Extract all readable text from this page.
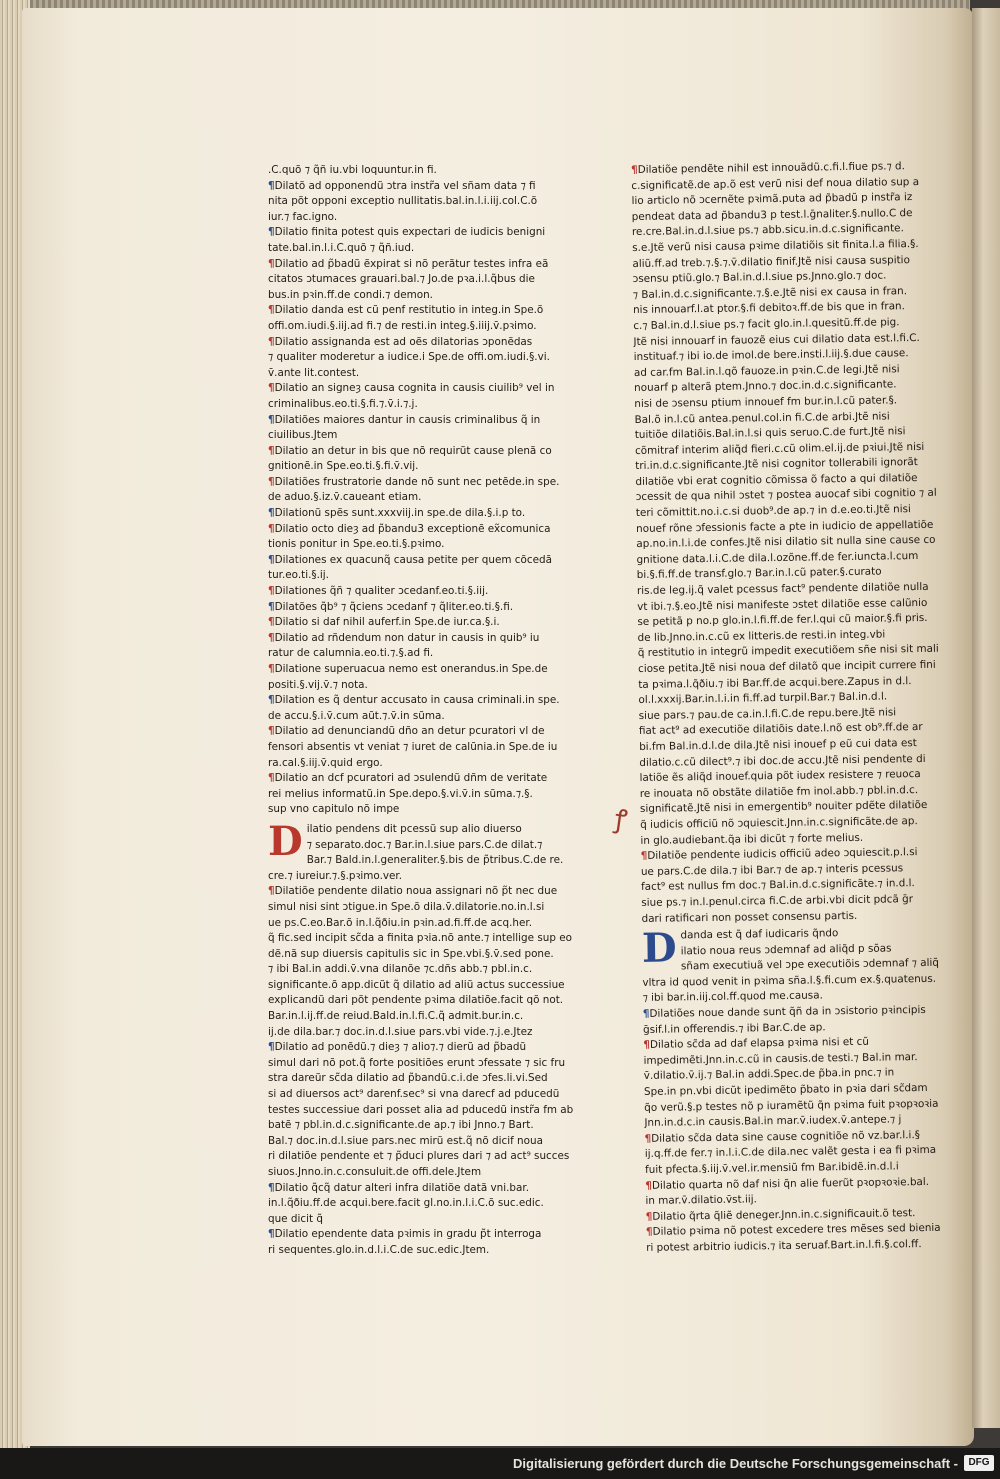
.C.quõ ⁊ q̃ñ iu.vbi loquuntur.in fi.
¶Dilatõ ad opponendũ ɔtra instr̃a vel sñam data ⁊ fi
nita põt opponi exceptio nullitatis.bal.in.l.i.iij.col.C.õ
iur.⁊ fac.igno.
¶Dilatio finita potest quis expectari de iudicis benigni
tate.bal.in.l.i.C.quõ ⁊ q̃ñ.iud.
¶Dilatio ad p̃badũ ẽxpirat si nõ perãtur testes infra eã
citatos ɔtumaces grauari.bal.⁊ Jo.de pꝛa.i.l.q̃bus die
bus.in pꝛin.ff.de condi.⁊ demon.
¶Dilatio danda est cũ penf restitutio in integ.in Spe.õ
offi.om.iudi.§.iij.ad fi.⁊ de resti.in integ.§.iiij.v̄.pꝛimo.
¶Dilatio assignanda est ad oẽs dilatorias ɔponẽdas
⁊ qualiter moderetur a iudice.i Spe.de offi.om.iudi.§.vi.
v̄.ante lit.contest.
¶Dilatio an signeȝ causa cognita in causis ciuilib⁹ vel in
criminalibus.eo.ti.§.fi.⁊.v̄.i.⁊.j.
¶Dilatiões maiores dantur in causis criminalibus q̃ in
ciuilibus.Jtem
¶Dilatio an detur in bis que nõ requirũt cause plenã co
gnitionẽ.in Spe.eo.ti.§.fi.v̄.vij.
¶Dilatiões frustratorie dande nõ sunt nec petẽde.in spe.
de aduo.§.iz.v̄.caueant etiam.
¶Dilationũ spẽs sunt.xxxviij.in spe.de dila.§.i.p to.
¶Dilatio octo dieȝ ad p̃bandu3 exceptionẽ ex̃comunica
tionis ponitur in Spe.eo.ti.§.pꝛimo.
¶Dilationes ex quacunq̃ causa petite per quem cõcedã
tur.eo.ti.§.ij.
¶Dilationes q̃ñ ⁊ qualiter ɔcedanf.eo.ti.§.iij.
¶Dilatões q̃b⁹ ⁊ q̃ciens ɔcedanf ⁊ q̃liter.eo.ti.§.fi.
¶Dilatio si daf nihil auferf.in Spe.de iur.ca.§.i.
¶Dilatio ad rñdendum non datur in causis in quib⁹ iu
ratur de calumnia.eo.ti.⁊.§.ad fi.
¶Dilatione superuacua nemo est onerandus.in Spe.de
positi.§.vij.v̄.⁊ nota.
¶Dilation es q̃ dentur accusato in causa criminali.in spe.
de accu.§.i.v̄.cum aũt.⁊.v̄.in sũma.
¶Dilatio ad denunciandũ dño an detur pcuratori vl de
fensori absentis vt veniat ⁊ iuret de calũnia.in Spe.de iu
ra.cal.§.iij.v̄.quid ergo.
¶Dilatio an dcf pcuratori ad ɔsulendũ dñm de veritate
rei melius informatũ.in Spe.depo.§.vi.v̄.in sũma.⁊.§.
sup vno capitulo nõ impe
D ilatio pendens dit pcessũ sup alio diuerso
⁊ separato.doc.⁊ Bar.in.l.siue pars.C.de dilat.⁊
Bar.⁊ Bald.in.l.generaliter.§.bis de p̃tribus.C.de re.
cre.⁊ iureiur.⁊.§.pꝛimo.ver.
¶Dilatiõe pendente dilatio noua assignari nõ p̃t nec due
simul nisi sint ɔtigue.in Spe.õ dila.v̄.dilatorie.no.in.l.si
ue ps.C.eo.Bar.õ in.l.q̃ðiu.in pꝛin.ad.fi.ff.de acq.her.
q̃ fic.sed incipit sc̃da a finita pꝛia.nõ ante.⁊ intellige sup eo
dẽ.nã sup diuersis capitulis sic in Spe.vbi.§.v̄.sed pone.
⁊ ibi Bal.in addi.v̄.vna dilanõe ⁊c.dñs abb.⁊ pbl.in.c.
significante.õ app.dicũt q̃ dilatio ad aliũ actus successiue
explicandũ dari põt pendente pꝛima dilatiõe.facit qõ not.
Bar.in.l.ij.ff.de reiud.Bald.in.l.fi.C.q̃ admit.bur.in.c.
ij.de dila.bar.⁊ doc.in.d.l.siue pars.vbi vide.⁊.j.e.Jtez
¶Dilatio ad ponẽdũ.⁊ dieȝ ⁊ alio⁊.⁊ dierũ ad p̃badũ
simul dari nõ pot.q̃ forte positiões erunt ɔfessate ⁊ sic fru
stra dareũr sc̃da dilatio ad p̃bandũ.c.i.de ɔfes.li.vi.Sed
si ad diuersos act⁹ darenf.sec⁹ si vna darecf ad pducedũ
testes successiue dari posset alia ad pducedũ instr̃a fm ab
batẽ ⁊ pbl.in.d.c.significante.de ap.⁊ ibi Jnno.⁊ Bart.
Bal.⁊ doc.in.d.l.siue pars.nec mirũ est.q̃ nõ dicif noua
ri dilatiõe pendente et ⁊ p̃duci plures dari ⁊ ad act⁹ succes
siuos.Jnno.in.c.consuluit.de offi.dele.Jtem
¶Dilatio q̃cq̃ datur alteri infra dilatiõe datã vni.bar.
in.l.q̃ðiu.ff.de acqui.bere.facit gl.no.in.l.i.C.õ suc.edic.
que dicit q̃
¶Dilatio ependente data pꝛimis in gradu p̃t interroga
ri sequentes.glo.in.d.l.i.C.de suc.edic.Jtem.
¶Dilatiõe pendẽte nihil est innouãdũ.c.fi.l.fiue ps.⁊ d.
c.significatẽ.de ap.õ est verũ nisi def noua dilatio sup a
lio articlo nõ ɔcernẽte pꝛimã.puta ad p̃badũ p instr̃a iz
pendeat data ad p̃bandu3 p test.l.ḡnaliter.§.nullo.C de
re.cre.Bal.in.d.l.siue ps.⁊ abb.sicu.in.d.c.significante.
s.e.Jtẽ verũ nisi causa pꝛime dilatiõis sit finita.l.a filia.§.
aliũ.ff.ad treb.⁊.§.⁊.v̄.dilatio finif.Jtẽ nisi causa suspitio
ɔsensu ptiũ.glo.⁊ Bal.in.d.l.siue ps.Jnno.glo.⁊ doc.
⁊ Bal.in.d.c.significante.⁊.§.e.Jtẽ nisi ex causa in fran.
nis innouarf.l.at ptor.§.fi debitoꝛ.ff.de bis que in fran.
c.⁊ Bal.in.d.l.siue ps.⁊ facit glo.in.l.quesitũ.ff.de pig.
Jtẽ nisi innouarf in fauozẽ eius cui dilatio data est.l.fi.C.
instituaf.⁊ ibi io.de imol.de bere.insti.l.iij.§.due cause.
ad car.fm Bal.in.l.qõ fauoze.in pꝛin.C.de legi.Jtẽ nisi
nouarf p alterã ptem.Jnno.⁊ doc.in.d.c.significante.
nisi de ɔsensu ptium innouef fm bur.in.l.cũ pater.§.
Bal.õ in.l.cũ antea.penul.col.in fi.C.de arbi.Jtẽ nisi
tuitiõe dilatiõis.Bal.in.l.si quis seruo.C.de furt.Jtẽ nisi
cõmitraf interim aliq̃d fieri.c.cũ olim.el.ij.de pꝛiui.Jtẽ nisi
tri.in.d.c.significante.Jtẽ nisi cognitor tollerabili ignorãt
dilatiõe vbi erat cognitio cõmissa õ facto a qui dilatiõe
ɔcessit de qua nihil ɔstet ⁊ postea auocaf sibi cognitio ⁊ al
teri cõmittit.no.i.c.si duob⁹.de ap.⁊ in d.e.eo.ti.Jtẽ nisi
nouef rõne ɔfessionis facte a pte in iudicio de appellatiõe
ap.no.in.l.i.de confes.Jtẽ nisi dilatio sit nulla sine cause co
gnitione data.l.i.C.de dila.l.ozõne.ff.de fer.iuncta.l.cum
bi.§.fi.ff.de transf.glo.⁊ Bar.in.l.cũ pater.§.curato
ris.de leg.ij.q̃ valet pcessus fact⁹ pendente dilatiõe nulla
vt ibi.⁊.§.eo.Jtẽ nisi manifeste ɔstet dilatiõe esse calũnio
se petitã p no.p glo.in.l.fi.ff.de fer.l.qui cũ maior.§.fi pris.
de lib.Jnno.in.c.cũ ex litteris.de resti.in integ.vbi
q̃ restitutio in integrũ impedit executiõem sñe nisi sit mali
ciose petita.Jtẽ nisi noua def dilatõ que incipit currere fini
ta pꝛima.l.q̃ðiu.⁊ ibi Bar.ff.de acqui.bere.Zapus in d.l.
ol.l.xxxij.Bar.in.l.i.in fi.ff.ad turpil.Bar.⁊ Bal.in.d.l.
siue pars.⁊ pau.de ca.in.l.fi.C.de repu.bere.Jtẽ nisi
fiat act⁹ ad executiõe dilatiõis date.l.nõ est ob⁹.ff.de ar
bi.fm Bal.in.d.l.de dila.Jtẽ nisi inouef p eũ cui data est
dilatio.c.cũ dilect⁹.⁊ ibi doc.de accu.Jtẽ nisi pendente di
latiõe ẽs aliq̃d inouef.quia põt iudex resistere ⁊ reuoca
re inouata nõ obstãte dilatiõe fm inol.abb.⁊ pbl.in.d.c.
significatẽ.Jtẽ nisi in emergentib⁹ nouiter pdẽte dilatiõe
q̃ iudicis officiũ nõ ɔquiescit.Jnn.in.c.significãte.de ap.
in glo.audiebant.q̃a ibi dicũt ⁊ forte melius.
¶Dilatiõe pendente iudicis officiũ adeo ɔquiescit.p.l.si
ue pars.C.de dila.⁊ ibi Bar.⁊ de ap.⁊ interis pcessus
fact⁹ est nullus fm doc.⁊ Bal.in.d.c.significãte.⁊ in.d.l.
siue ps.⁊ in.l.penul.circa fi.C.de arbi.vbi dicit pdcã ḡr
dari ratificari non posset consensu partis.
D danda est q̃ daf iudicaris q̃ndo
ilatio noua reus ɔdemnaf ad aliq̃d p sõas
sñam executiuã vel ɔpe executiõis ɔdemnaf ⁊ aliq̃
vltra id quod venit in pꝛima sña.l.§.fi.cum ex.§.quatenus.
⁊ ibi bar.in.iij.col.ff.quod me.causa.
¶Dilatiões noue dande sunt q̃ñ da in ɔsistorio pꝛincipis
ḡsif.l.in offerendis.⁊ ibi Bar.C.de ap.
¶Dilatio sc̃da ad daf elapsa pꝛima nisi et cũ
impedimẽti.Jnn.in.c.cũ in causis.de testi.⁊ Bal.in mar.
v̄.dilatio.v̄.ij.⁊ Bal.in addi.Spec.de p̃ba.in pnc.⁊ in
Spe.in pn.vbi dicũt ipedimẽto p̃bato in pꝛia dari sc̃dam
q̃o verũ.§.p testes nõ p iuramẽtũ q̃n pꝛima fuit pꝛopꝛoꝛia
Jnn.in.d.c.in causis.Bal.in mar.v̄.iudex.v̄.antepe.⁊ j
¶Dilatio sc̃da data sine cause cognitiõe nõ vz.bar.l.i.§
ij.q.ff.de fer.⁊ in.l.i.C.de dila.nec valẽt gesta i ea fi pꝛima
fuit pfecta.§.iij.v̄.vel.ir.mensiũ fm Bar.ibidẽ.in.d.l.i
¶Dilatio quarta nõ daf nisi q̃n alie fuerũt pꝛopꝛoꝛie.bal.
in mar.v̄.dilatio.v̄st.iij.
¶Dilatio q̃rta q̃liẽ deneger.Jnn.in.c.significauit.õ test.
¶Dilatio pꝛima nõ potest excedere tres mẽses sed bienia
ri potest arbitrio iudicis.⁊ ita seruaf.Bart.in.l.fi.§.col.ff.
ꝭ
Digitalisierung gefördert durch die Deutsche Forschungsgemeinschaft -	DFG
